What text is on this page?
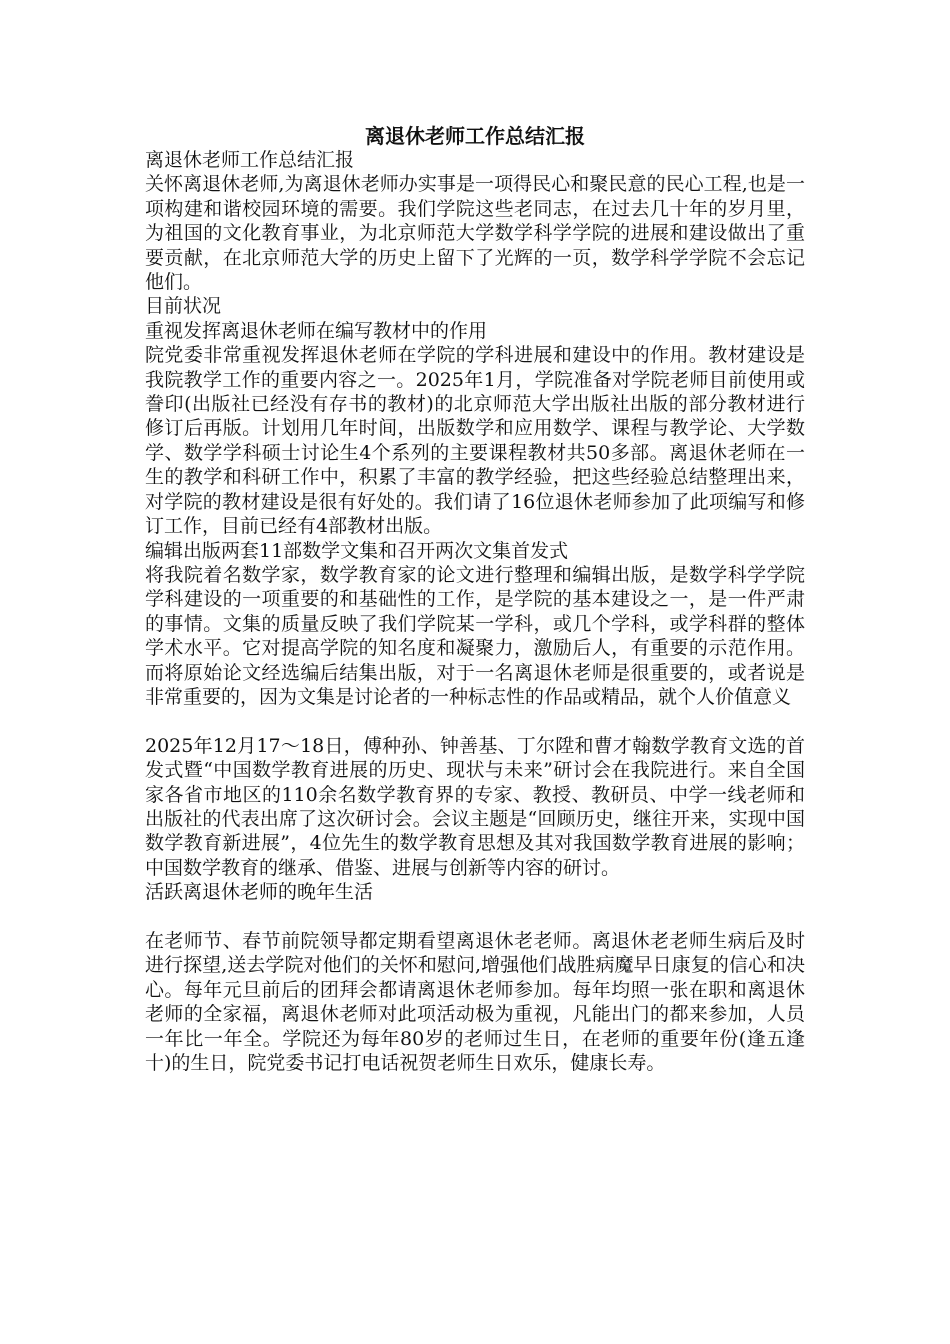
离退休老师工作总结汇报

离退休老师工作总结汇报

关怀离退休老师,为离退休老师办实事是一项得民心和聚民意的民心工程,也是一项构建和谐校园环境的需要。我们学院这些老同志，在过去几十年的岁月里，为祖国的文化教育事业，为北京师范大学数学科学学院的进展和建设做出了重要贡献，在北京师范大学的历史上留下了光辉的一页，数学科学学院不会忘记他们。

目前状况

重视发挥离退休老师在编写教材中的作用

院党委非常重视发挥退休老师在学院的学科进展和建设中的作用。教材建设是我院教学工作的重要内容之一。2025年1月，学院准备对学院老师目前使用或誊印(出版社已经没有存书的教材)的北京师范大学出版社出版的部分教材进行修订后再版。计划用几年时间，出版数学和应用数学、课程与教学论、大学数学、数学学科硕士讨论生4个系列的主要课程教材共50多部。离退休老师在一生的教学和科研工作中，积累了丰富的教学经验，把这些经验总结整理出来，对学院的教材建设是很有好处的。我们请了16位退休老师参加了此项编写和修订工作，目前已经有4部教材出版。

编辑出版两套11部数学文集和召开两次文集首发式

将我院着名数学家，数学教育家的论文进行整理和编辑出版，是数学科学学院学科建设的一项重要的和基础性的工作，是学院的基本建设之一，是一件严肃的事情。文集的质量反映了我们学院某一学科，或几个学科，或学科群的整体学术水平。它对提高学院的知名度和凝聚力，激励后人，有重要的示范作用。而将原始论文经选编后结集出版，对于一名离退休老师是很重要的，或者说是非常重要的，因为文集是讨论者的一种标志性的作品或精品，就个人价值意义

2025年12月17～18日，傅种孙、钟善基、丁尔陞和曹才翰数学教育文选的首发式暨“中国数学教育进展的历史、现状与未来”研讨会在我院进行。来自全国家各省市地区的110余名数学教育界的专家、教授、教研员、中学一线老师和出版社的代表出席了这次研讨会。会议主题是“回顾历史，继往开来，实现中国数学教育新进展”，4位先生的数学教育思想及其对我国数学教育进展的影响；中国数学教育的继承、借鉴、进展与创新等内容的研讨。

活跃离退休老师的晚年生活

在老师节、春节前院领导都定期看望离退休老老师。离退休老老师生病后及时进行探望,送去学院对他们的关怀和慰问,增强他们战胜病魔早日康复的信心和决心。每年元旦前后的团拜会都请离退休老师参加。每年均照一张在职和离退休老师的全家福，离退休老师对此项活动极为重视，凡能出门的都来参加，人员一年比一年全。学院还为每年80岁的老师过生日，在老师的重要年份(逢五逢十)的生日，院党委书记打电话祝贺老师生日欢乐，健康长寿。
